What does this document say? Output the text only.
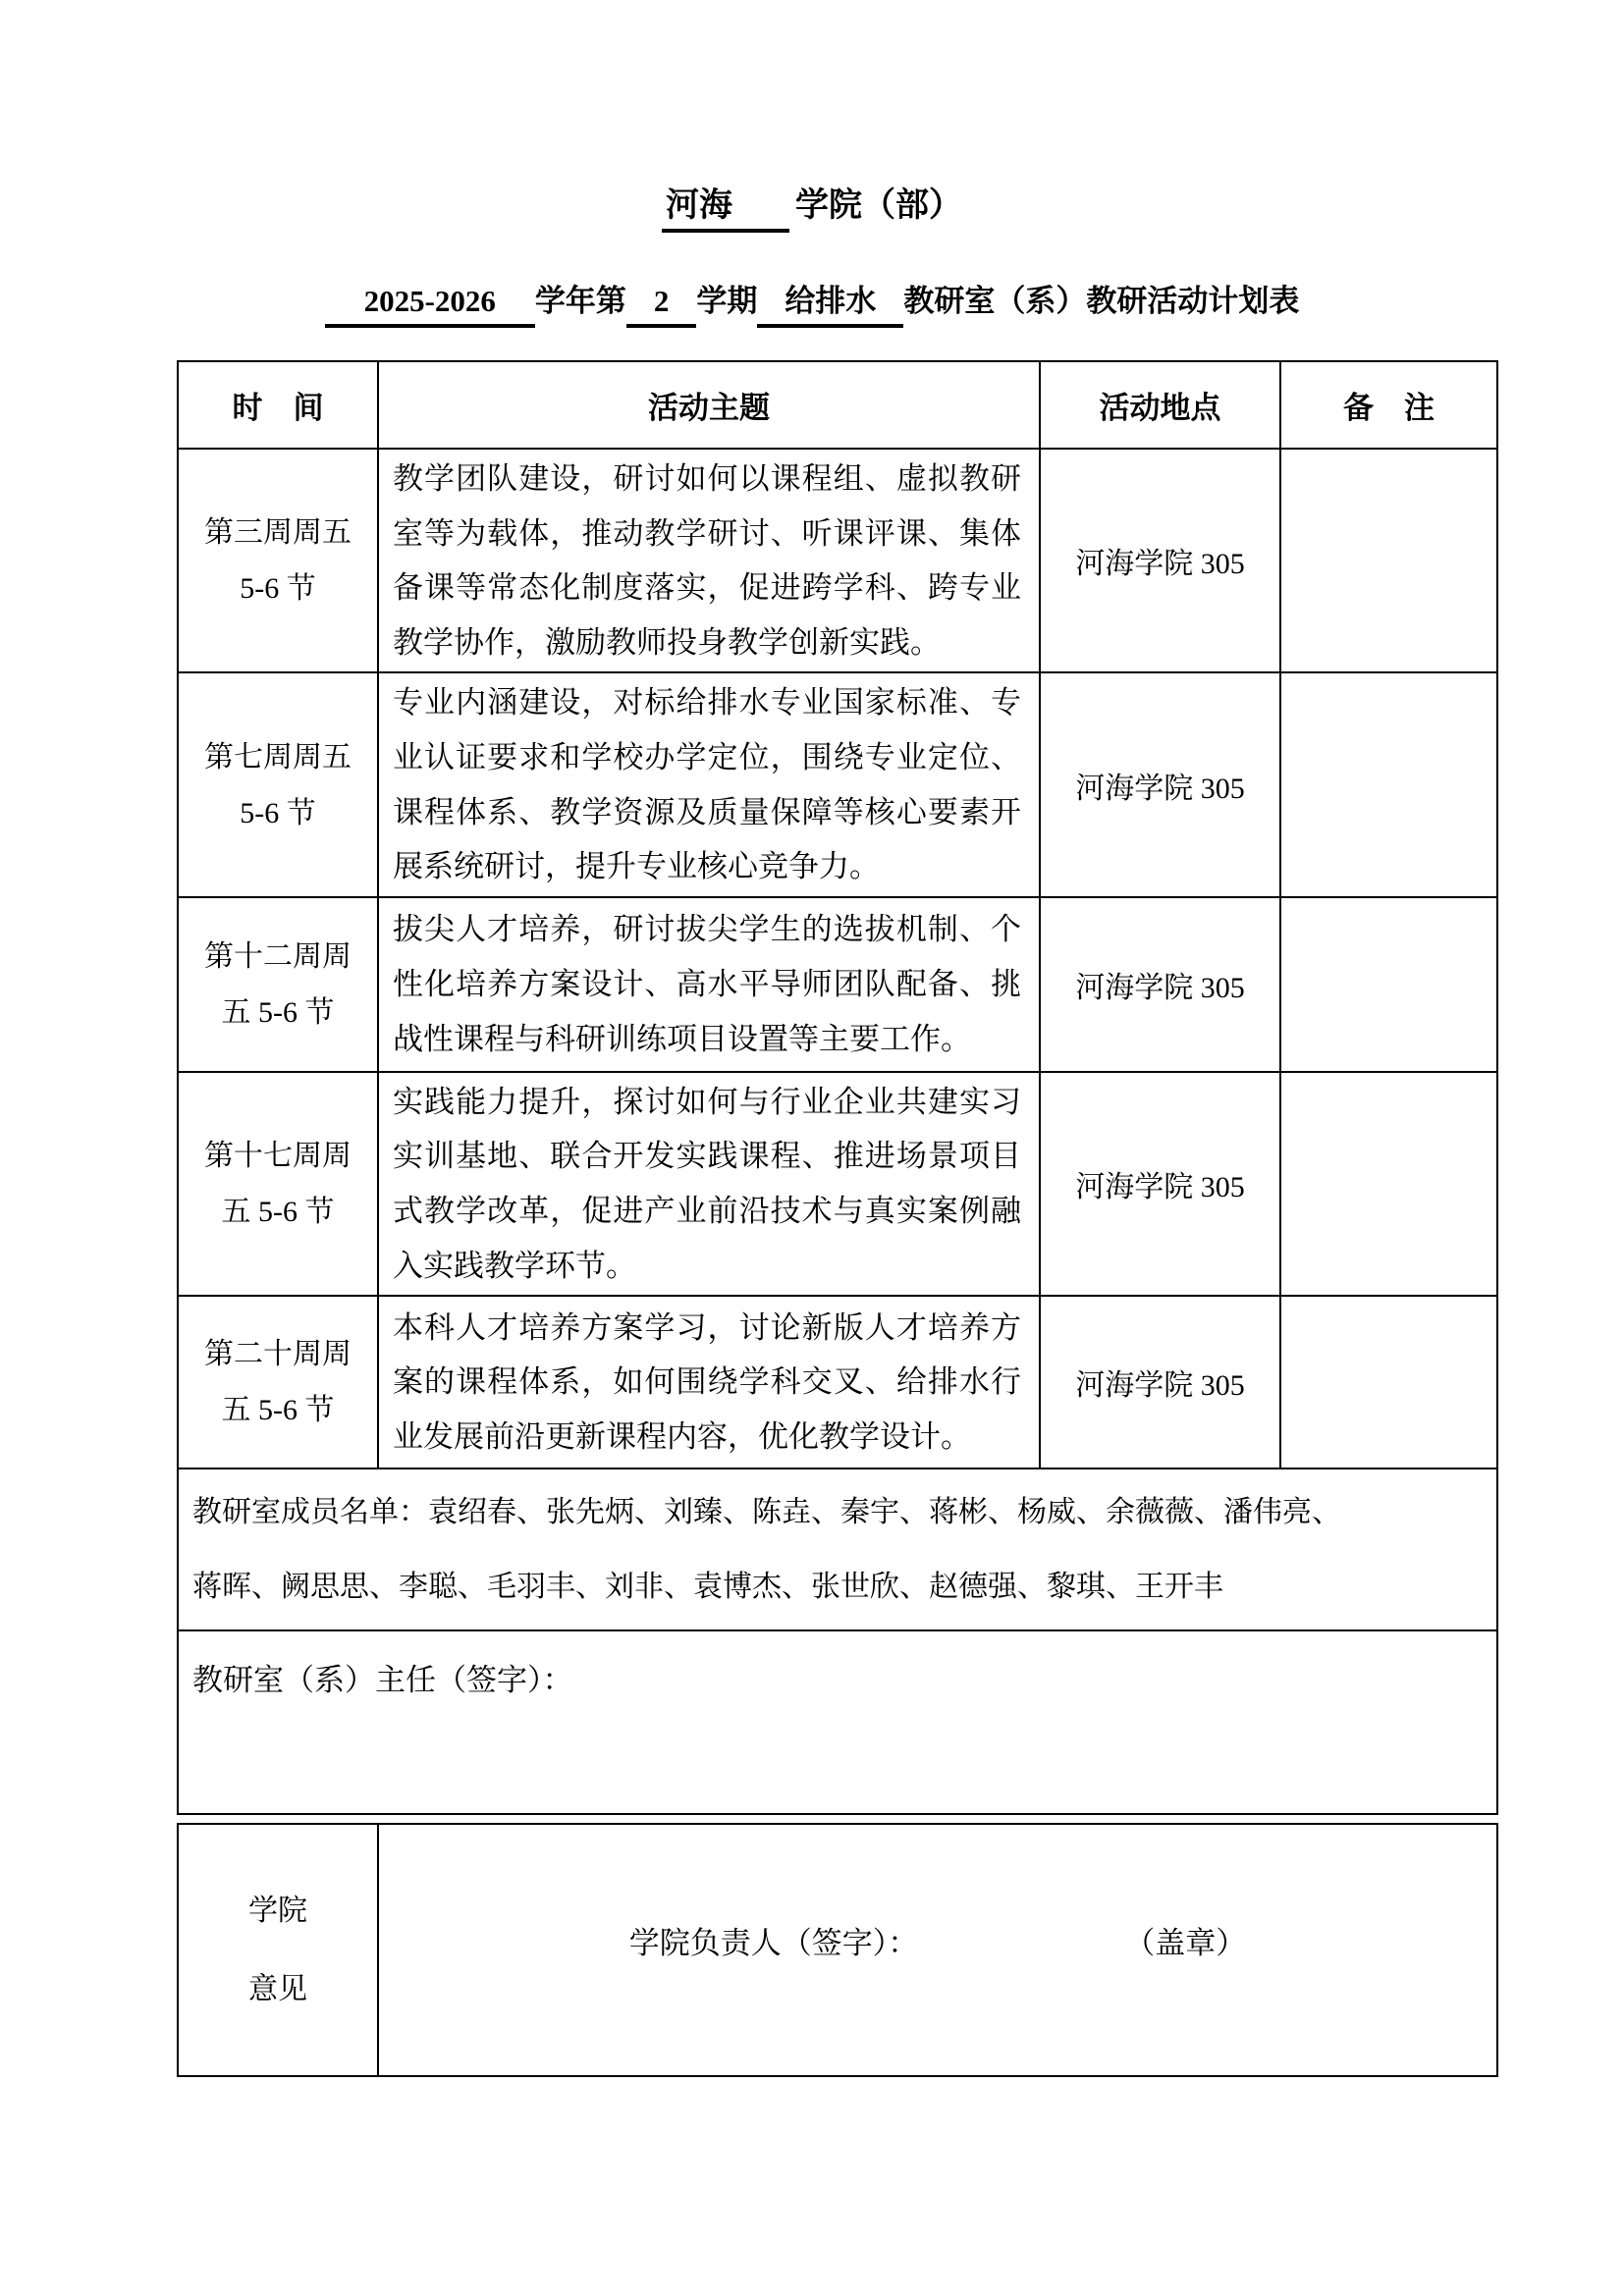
河海 学院（部）
2025-2026 学年第 2 学期 给排水 教研室（系）教研活动计划表
时　间	活动主题	活动地点	备　注
第三周周五 5-6 节	教学团队建设，研讨如何以课程组、虚拟教研室等为载体，推动教学研讨、听课评课、集体备课等常态化制度落实，促进跨学科、跨专业教学协作，激励教师投身教学创新实践。	河海学院 305	
第七周周五 5-6 节	专业内涵建设，对标给排水专业国家标准、专业认证要求和学校办学定位，围绕专业定位、课程体系、教学资源及质量保障等核心要素开展系统研讨，提升专业核心竞争力。	河海学院 305	
第十二周周五 5-6 节	拔尖人才培养，研讨拔尖学生的选拔机制、个性化培养方案设计、高水平导师团队配备、挑战性课程与科研训练项目设置等主要工作。	河海学院 305	
第十七周周五 5-6 节	实践能力提升，探讨如何与行业企业共建实习实训基地、联合开发实践课程、推进场景项目式教学改革，促进产业前沿技术与真实案例融入实践教学环节。	河海学院 305	
第二十周周五 5-6 节	本科人才培养方案学习，讨论新版人才培养方案的课程体系，如何围绕学科交叉、给排水行业发展前沿更新课程内容，优化教学设计。	河海学院 305	

教研室成员名单：袁绍春、张先炳、刘臻、陈垚、秦宇、蒋彬、杨威、余薇薇、潘伟亮、
蒋晖、阙思思、李聪、毛羽丰、刘非、袁博杰、张世欣、赵德强、黎琪、王开丰			

教研室（系）主任（签字）：			
学院
意见

学院负责人（签字）：	（盖章）
